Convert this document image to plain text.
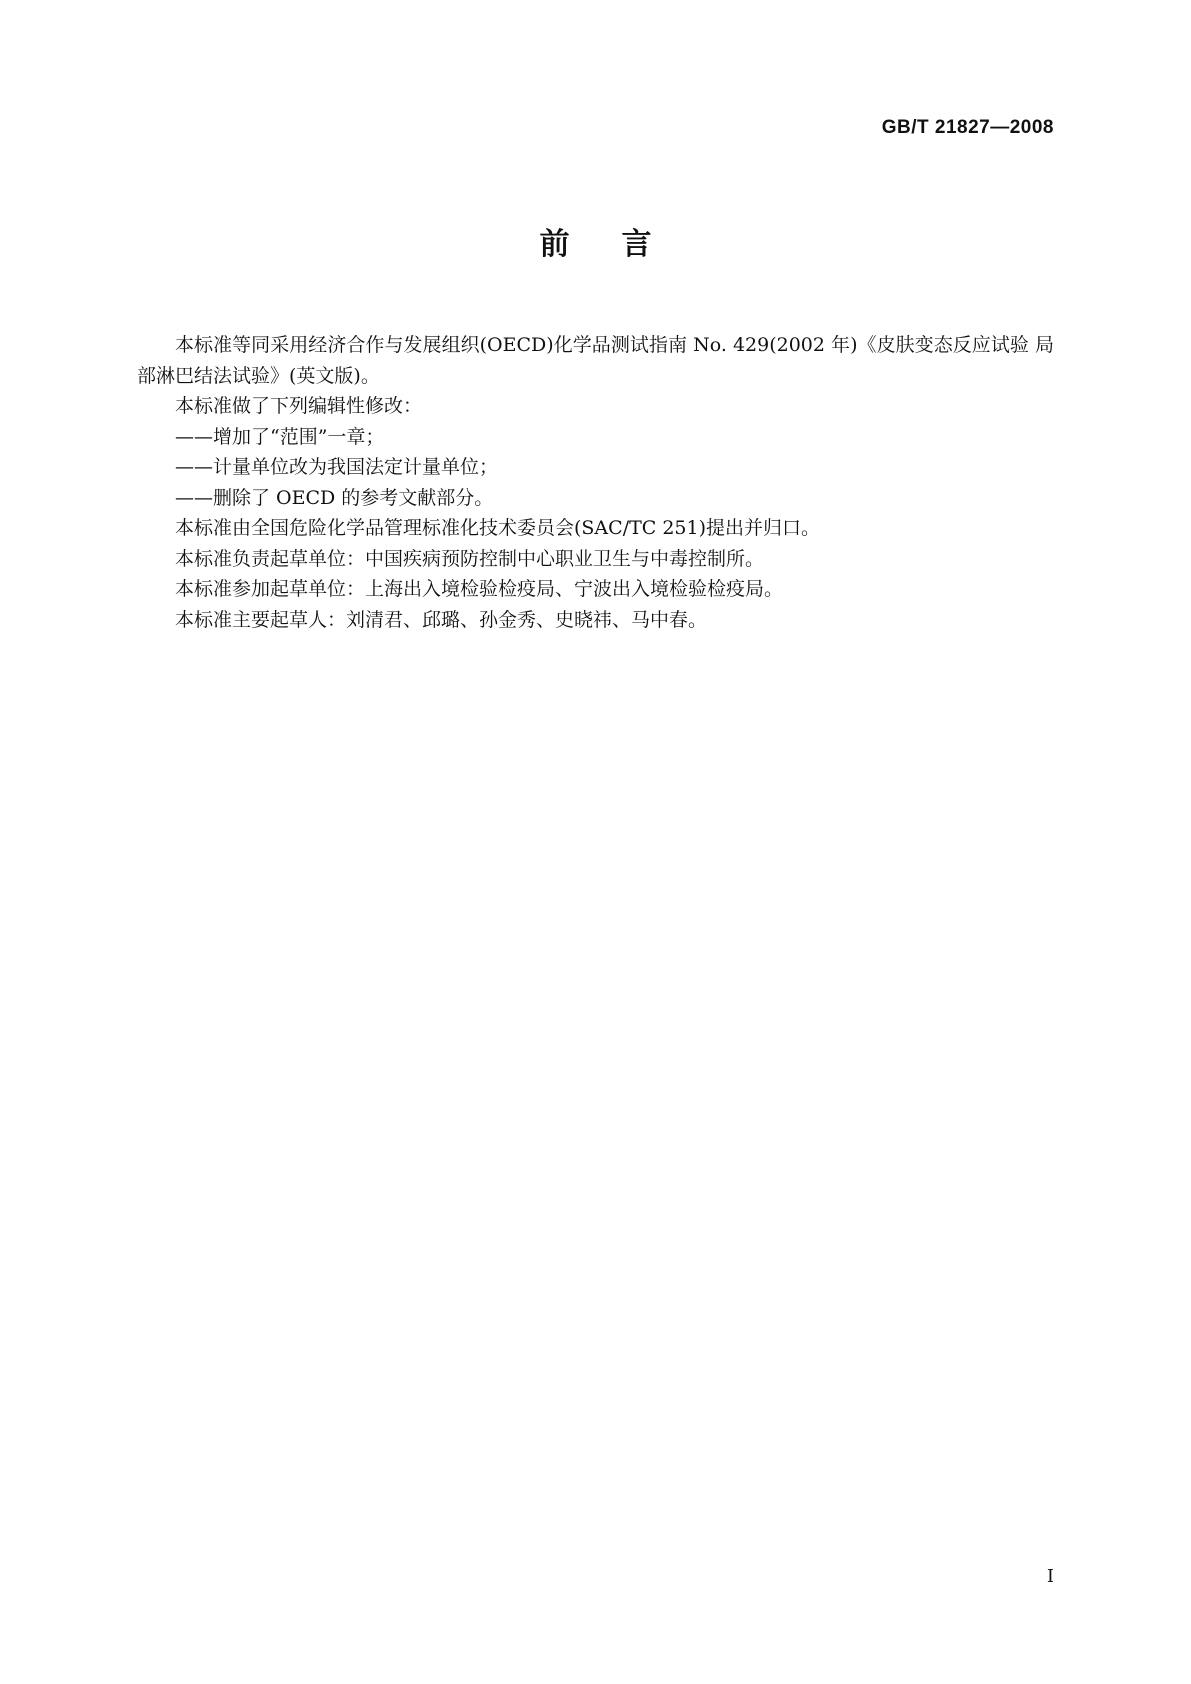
GB/T 21827—2008
前言

本标准等同采用经济合作与发展组织(OECD)化学品测试指南 No. 429(2002 年)《皮肤变态反应试验 局部淋巴结法试验》(英文版)。

本标准做了下列编辑性修改：

——增加了“范围”一章；

——计量单位改为我国法定计量单位；

——删除了 OECD 的参考文献部分。

本标准由全国危险化学品管理标准化技术委员会(SAC/TC 251)提出并归口。

本标准负责起草单位：中国疾病预防控制中心职业卫生与中毒控制所。

本标准参加起草单位：上海出入境检验检疫局、宁波出入境检验检疫局。

本标准主要起草人：刘清君、邱璐、孙金秀、史晓祎、马中春。

I
